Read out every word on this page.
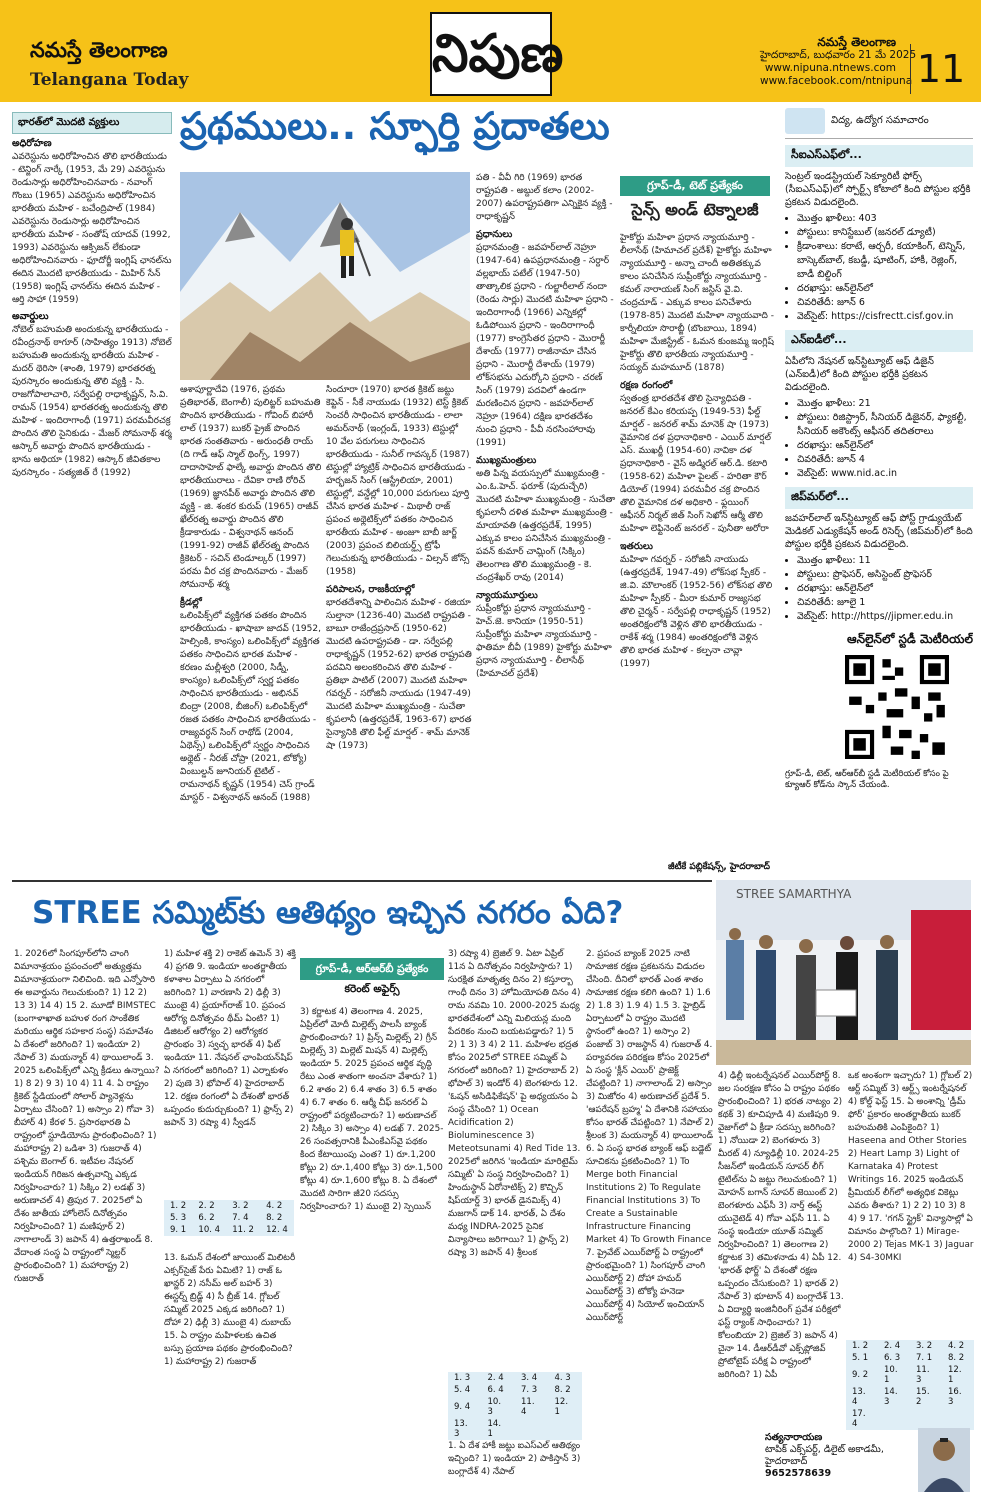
నమస్తే తెలంగాణ
Telangana Today	నిపుణ	నమస్తే తెలంగాణ
హైదరాబాద్, బుధవారం 21 మే 2025
www.nipuna.ntnews.com
www.facebook.com/ntnipuna 11
భారత్‌లో మొదటి వ్యక్తులు
అధిరోహణ
ఎవరెస్టును అధిరోహించిన తొలి భారతీయుడు - టెన్జింగ్ నార్కే (1953, మే 29) ఎవరెస్టును రెండుసార్లు అధిరోహించినవారు - నవాంగ్ గొంబు (1965) ఎవరెస్టును అధిరోహించిన భారతీయ మహిళ - బచేంద్రిపాల్ (1984) ఎవరెస్టును రెండుసార్లు అధిరోహించిన భారతీయ మహిళ - సంతోష్ యాదవ్ (1992, 1993) ఎవరెస్టును ఆక్సిజన్ లేకుండా అధిరోహించినవారు - ఫూదోర్జీ ఇంగ్లిష్ ఛానల్‌ను ఈదిన మొదటి భారతీయుడు - మిహిర్ సేన్ (1958) ఇంగ్లిష్ ఛానల్‌ను ఈదిన మహిళ - ఆర్తి సాహా (1959)
అవార్డులు
నోబెల్ బహుమతి అందుకున్న భారతీయుడు - రవీంద్రనాథ్ ఠాగూర్ (సాహిత్యం 1913) నోబెల్ బహుమతి అందుకున్న భారతీయ మహిళ - మదర్ థెరిసా (శాంతి, 1979) భారతరత్న పురస్కారం అందుకున్న తొలి వ్యక్తి - సి. రాజగోపాలాచారి, సర్వేపల్లి రాధాకృష్ణన్, సి.వి. రామన్ (1954) భారతరత్న అందుకున్న తొలి మహిళ - ఇందిరాగాంధీ (1971) పరమవీరచక్ర పొందిన తొలి సైనికుడు - మేజర్ సోమనాథ్ శర్మ ఆస్కార్ అవార్డు పొందిన భారతీయుడు - భాను అథియా (1982) ఆస్కార్ జీవితకాల పురస్కారం - సత్యజిత్ రే (1992)
ప్రథములు.. స్ఫూర్తి ప్రదాతలు
ఆశాపూర్ణాదేవి (1976, ప్రథమ ప్రతిభారత్, బెంగాలీ) పులిట్జర్ బహుమతి పొందిన భారతీయుడు - గోవింద్ బిహారీ లాల్ (1937) బుకర్ ప్రైజ్ పొందిన భారత సంతతివారు - అరుంధతీ రాయ్ (ది గాడ్ ఆఫ్ స్మాల్ థింగ్స్, 1997) దాదాసాహెబ్ ఫాల్కే అవార్డు పొందిన తొలి భారతీయురాలు - దేవికా రాణి రోరిచ్ (1969) జ్ఞానపీఠ్ అవార్డు పొందిన తొలి వ్యక్తి - జి. శంకర కురుప్ (1965) రాజీవ్ ఖేల్‌రత్న అవార్డు పొందిన తొలి క్రీడాకారుడు - విశ్వనాథన్ ఆనంద్ (1991-92) రాజీవ్ ఖేల్‌రత్న పొందిన క్రికెటర్ - సచిన్ టెండూల్కర్ (1997) పరమ వీర చక్ర పొందినవారు - మేజర్ సోమనాథ్ శర్మ
క్రీడల్లో
ఒలింపిక్స్‌లో వ్యక్తిగత పతకం పొందిన భారతీయుడు - ఖాషాబా జాదవ్ (1952, హెల్సింకి, కాంస్యం) ఒలింపిక్స్‌లో వ్యక్తిగత పతకం సాధించిన భారత మహిళ - కరణం మల్లీశ్వరి (2000, సిడ్నీ, కాంస్యం) ఒలింపిక్స్‌లో స్వర్ణ పతకం సాధించిన భారతీయుడు - అభినవ్ బింద్రా (2008, బీజింగ్) ఒలింపిక్స్‌లో రజత పతకం సాధించిన భారతీయుడు - రాజ్యవర్ధన్ సింగ్ రాథోడ్ (2004, ఏథెన్స్) ఒలింపిక్స్‌లో స్వర్ణం సాధించిన అథ్లెట్ - నీరజ్ చోప్రా (2021, టోక్యో) వింబుల్డన్ జూనియర్ టైటిల్ - రామనాథన్ కృష్ణన్ (1954) చెస్ గ్రాండ్ మాస్టర్ - విశ్వనాథన్ ఆనంద్ (1988)
సిందూరా (1970) భారత క్రికెట్ జట్టు కెప్టెన్ - సీకే నాయుడు (1932) టెస్ట్ క్రికెట్ సెంచరీ సాధించిన భారతీయుడు - లాలా అమర్‌నాథ్ (ఇంగ్లండ్, 1933) టెస్టుల్లో 10 వేల పరుగులు సాధించిన భారతీయుడు - సునీల్ గావస్కర్ (1987) టెస్టుల్లో హ్యాట్రిక్ సాధించిన భారతీయుడు - హర్భజన్ సింగ్ (ఆస్ట్రేలియా, 2001) టెస్టుల్లో, వన్డేల్లో 10,000 పరుగులు పూర్తి చేసిన భారత మహిళ - మిథాలీ రాజ్ ప్రపంచ అథ్లెటిక్స్‌లో పతకం సాధించిన భారతీయ మహిళ - అంజూ బాబీ జార్జ్ (2003) ప్రపంచ బిలియర్డ్స్ ట్రోఫీ గెలుచుకున్న భారతీయుడు - విల్సన్ జోన్స్ (1958)
పరిపాలన, రాజకీయాల్లో
భారతదేశాన్ని పాలించిన మహిళ - రజియా సుల్తానా (1236-40) మొదటి రాష్ట్రపతి - బాబూ రాజేంద్రప్రసాద్ (1950-62) మొదటి ఉపరాష్ట్రపతి - డా. సర్వేపల్లి రాధాకృష్ణన్ (1952-62) భారత రాష్ట్రపతి పదవిని అలంకరించిన తొలి మహిళ - ప్రతిభా పాటిల్ (2007) మొదటి మహిళా గవర్నర్ - సరోజినీ నాయుడు (1947-49) మొదటి మహిళా ముఖ్యమంత్రి - సుచేతా కృపలానీ (ఉత్తరప్రదేశ్, 1963-67) భారత సైన్యానికి తొలి ఫీల్డ్ మార్షల్ - శామ్ మానెక్ షా (1973)
పతి - వీవీ గిరి (1969) భారత రాష్ట్రపతి - అబ్దుల్ కలాం (2002-2007) ఉపరాష్ట్రపతిగా ఎన్నికైన వ్యక్తి - రాధాకృష్ణన్
ప్రధానులు
ప్రధానమంత్రి - జవహర్‌లాల్ నెహ్రూ (1947-64) ఉపప్రధానమంత్రి - సర్దార్ వల్లభాయ్ పటేల్ (1947-50) తాత్కాలిక ప్రధాని - గుల్జారీలాల్ నందా (రెండు సార్లు) మొదటి మహిళా ప్రధాని - ఇందిరాగాంధీ (1966) ఎన్నికల్లో ఓడిపోయిన ప్రధాని - ఇందిరాగాంధీ (1977) కాంగ్రెసేతర ప్రధాని - మొరార్జీ దేశాయ్ (1977) రాజీనామా చేసిన ప్రధాని - మొరార్జీ దేశాయ్ (1979) లోక్‌సభను ఎదుర్కోని ప్రధాని - చరణ్ సింగ్ (1979) పదవిలో ఉండగా మరణించిన ప్రధాని - జవహర్‌లాల్ నెహ్రూ (1964) దక్షిణ భారతదేశం నుంచి ప్రధాని - పీవీ నరసింహారావు (1991)
ముఖ్యమంత్రులు
అతి పిన్న వయస్సులో ముఖ్యమంత్రి - ఎం.ఓ.హెచ్. ఫరూక్ (పుదుచ్చేరి) మొదటి మహిళా ముఖ్యమంత్రి - సుచేతా కృపలానీ దళిత మహిళా ముఖ్యమంత్రి - మాయావతి (ఉత్తరప్రదేశ్, 1995) ఎక్కువ కాలం పనిచేసిన ముఖ్యమంత్రి - పవన్ కుమార్ చామ్లింగ్ (సిక్కిం) తెలంగాణ తొలి ముఖ్యమంత్రి - కె. చంద్రశేఖర్ రావు (2014)
న్యాయమూర్తులు
సుప్రీంకోర్టు ప్రధాన న్యాయమూర్తి - హెచ్.జె. కానియా (1950-51) సుప్రీంకోర్టు మహిళా న్యాయమూర్తి - ఫాతిమా బీవీ (1989) హైకోర్టు మహిళా ప్రధాన న్యాయమూర్తి - లీలాసేథ్ (హిమాచల్ ప్రదేశ్)
గ్రూప్-డీ, టెట్ ప్రత్యేకం
సైన్స్ అండ్ టెక్నాలజీ
హైకోర్టు మహిళా ప్రధాన న్యాయమూర్తి - లీలాసేథ్ (హిమాచల్ ప్రదేశ్) హైకోర్టు మహిళా న్యాయమూర్తి - అన్నా చాందీ అతితక్కువ కాలం పనిచేసిన సుప్రీంకోర్టు న్యాయమూర్తి - కమల్ నారాయణ్ సింగ్ జస్టిస్ వై.వి. చంద్రచూడ్ - ఎక్కువ కాలం పనిచేశారు (1978-85) మొదటి మహిళా న్యాయవాది - కార్నీలియా సొరాబ్జీ (బొంబాయి, 1894) మహిళా మేజిస్ట్రేట్ - ఓమన కుంజమ్మ ఇంగ్లిష్ హైకోర్టు తొలి భారతీయ న్యాయమూర్తి - సయ్యద్ మహమూద్ (1878)
రక్షణ రంగంలో
స్వతంత్ర భారతదేశ తొలి సైన్యాధిపతి - జనరల్ కేఎం కరియప్ప (1949-53) ఫీల్డ్ మార్షల్ - జనరల్ శామ్ మానెక్ షా (1973) వైమానిక దళ ప్రధానాధికారి - ఎయిర్ మార్షల్ ఎస్. ముఖర్జీ (1954-60) నావికా దళ ప్రధానాధికారి - వైస్ అడ్మిరల్ ఆర్.డి. కటారి (1958-62) మహిళా పైలట్ - హరితా కౌర్ డియోల్ (1994) పరమవీర చక్ర పొందిన తొలి వైమానిక దళ అధికారి - ఫ్లయింగ్ ఆఫీసర్ నిర్మల్ జిత్ సింగ్ సెఖోన్ ఆర్మీ తొలి మహిళా లెఫ్టినెంట్ జనరల్ - పునీతా అరోరా
ఇతరులు
మహిళా గవర్నర్ - సరోజినీ నాయుడు (ఉత్తరప్రదేశ్, 1947-49) లోక్‌సభ స్పీకర్ - జి.వి. మౌలాంకర్ (1952-56) లోక్‌సభ తొలి మహిళా స్పీకర్ - మీరా కుమార్ రాజ్యసభ తొలి చైర్మన్ - సర్వేపల్లి రాధాకృష్ణన్ (1952) అంతరిక్షంలోకి వెళ్లిన తొలి భారతీయుడు - రాకేశ్ శర్మ (1984) అంతరిక్షంలోకి వెళ్లిన తొలి భారత మహిళ - కల్పనా చావ్లా (1997)
జీటీకే పబ్లికేషన్స్, హైదరాబాద్
విద్య, ఉద్యోగ సమాచారం
సీఐఎస్ఎఫ్‌లో...
సెంట్రల్ ఇండస్ట్రియల్ సెక్యూరిటీ ఫోర్స్ (సీఐఎస్ఎఫ్)లో స్పోర్ట్స్ కోటాలో కింది పోస్టుల భర్తీకి ప్రకటన విడుదలైంది.
• మొత్తం ఖాళీలు: 403
• పోస్టులు: కానిస్టేబుల్ (జనరల్ డ్యూటీ)
• క్రీడాంశాలు: కరాటే, ఆర్చరీ, కయాకింగ్, టెన్నిస్, బాస్కెట్‌బాల్, కబడ్డీ, షూటింగ్, హాకీ, రెజ్లింగ్, బాడీ బిల్డింగ్
• దరఖాస్తు: ఆన్‌లైన్‌లో
• చివరితేదీ: జూన్ 6
• వెబ్‌సైట్: https://cisfrectt.cisf.gov.in
ఎన్ఐడీలో...
ఏపీలోని నేషనల్ ఇన్‌స్టిట్యూట్ ఆఫ్ డిజైన్ (ఎన్ఐడీ)లో కింది పోస్టుల భర్తీకి ప్రకటన విడుదలైంది.
• మొత్తం ఖాళీలు: 21
• పోస్టులు: రిజిస్ట్రార్, సీనియర్ డిజైనర్, ఫ్యాకల్టీ, సీనియర్ అకౌంట్స్ ఆఫీసర్ తదితరాలు
• దరఖాస్తు: ఆన్‌లైన్‌లో
• చివరితేదీ: జూన్ 4
• వెబ్‌సైట్: www.nid.ac.in
జిప్‌మర్‌లో...
జవహర్‌లాల్ ఇన్‌స్టిట్యూట్ ఆఫ్ పోస్ట్ గ్రాడ్యుయేట్ మెడికల్ ఎడ్యుకేషన్ అండ్ రిసెర్చ్ (జిప్‌మర్)లో కింది పోస్టుల భర్తీకి ప్రకటన విడుదలైంది.
• మొత్తం ఖాళీలు: 11
• పోస్టులు: ప్రొఫెసర్, అసిస్టెంట్ ప్రొఫెసర్
• దరఖాస్తు: ఆన్‌లైన్‌లో
• చివరితేదీ: జూలై 1
• వెబ్‌సైట్: http://https//jipmer.edu.in
ఆన్‌లైన్‌లో స్టడీ మెటీరియల్
గ్రూప్-డీ, టెట్, ఆర్ఆర్‌బీ స్టడీ మెటీరియల్ కోసం పై క్యూఆర్ కోడ్‌ను స్కాన్ చేయండి.
STREE సమ్మిట్‌కు ఆతిథ్యం ఇచ్చిన నగరం ఏది?
STREE SAMARTHYA
1. 2026లో సింగపూర్‌లోని చాంగి విమానాశ్రయం ప్రపంచంలో అత్యుత్తమ విమానాశ్రయంగా నిలిచింది. ఇది ఎన్నోసారి ఈ అవార్డును గెలుచుకుంది? 1) 12 2) 13 3) 14 4) 15 2. మూడో BIMSTEC (బంగాళాఖాత బహుళ రంగ సాంకేతిక మరియు ఆర్థిక సహకార సంస్థ) సమావేశం ఏ దేశంలో జరిగింది? 1) ఇండియా 2) నేపాల్ 3) మయన్మార్ 4) థాయిలాండ్ 3. 2025 ఒలింపిక్స్‌లో ఎన్ని క్రీడలు ఉన్నాయి? 1) 8 2) 9 3) 10 4) 11 4. ఏ రాష్ట్రం క్రికెట్ స్టేడియంలో సోలార్ ప్యానెళ్లను ఏర్పాటు చేసింది? 1) అస్సాం 2) గోవా 3) బీహార్ 4) కేరళ 5. ప్రసారభారతి ఏ రాష్ట్రంలో స్టూడియోను ప్రారంభించింది? 1) మహారాష్ట్ర 2) ఒడిశా 3) గుజరాత్ 4) పశ్చిమ బెంగాల్ 6. ఇటీవల నేషనల్ ఇండియన్ గిరిజన ఉత్సవాన్ని ఎక్కడ నిర్వహించారు? 1) సిక్కిం 2) లడఖ్ 3) అరుణాచల్ 4) త్రిపుర 7. 2025లో ఏ దేశం జాతీయ హోంలెస్ దినోత్సవం నిర్వహించింది? 1) మణిపూర్ 2) నాగాలాండ్ 3) జపాన్ 4) ఉత్తరాఖండ్ 8. వేదాంత సంస్థ ఏ రాష్ట్రంలో స్మెల్టర్ ప్రారంభించింది? 1) మహారాష్ట్ర 2) గుజరాత్
1) మహిళ శక్తి 2) రాకెట్ ఉమెన్ 3) శక్తి 4) ప్రగతి 9. ఇండియా అంతర్జాతీయ కళాశాల ఏర్పాటు ఏ నగరంలో జరిగింది? 1) వారణాసి 2) ఢిల్లీ 3) ముంబై 4) ప్రయాగ్‌రాజ్ 10. ప్రపంచ ఆరోగ్య దినోత్సవం థీమ్ ఏంటి? 1) డిజిటల్ ఆరోగ్యం 2) ఆరోగ్యకర ప్రారంభం 3) స్వచ్ఛ భారత్ 4) ఫిట్ ఇండియా 11. నేషనల్ ఛాంపియన్‌షిప్ ఏ నగరంలో జరిగింది? 1) ఎర్నాకుళం 2) పుణె 3) భోపాల్ 4) హైదరాబాద్ 12. రక్షణ రంగంలో ఏ దేశంతో భారత్ ఒప్పందం కుదుర్చుకుంది? 1) ఫ్రాన్స్ 2) జపాన్ 3) రష్యా 4) స్వీడన్
1. 2	2. 2	3. 2	4. 2
5. 3	6. 2	7. 4	8. 2
9. 1	10. 4	11. 2	12. 4
13. ఓమన్ దేశంలో జాయింట్ మిలిటరీ ఎక్సర్‌సైజ్ పేరు ఏమిటి? 1) రాజ్ ఓ ఖాన్జర్ 2) నసీమ్ అల్ బహర్ 3) ఈస్టర్న్ బ్రిడ్జ్ 4) సీ బ్రీజ్ 14. గ్లోబల్ సమ్మిట్ 2025 ఎక్కడ జరిగింది? 1) దోహా 2) ఢిల్లీ 3) ముంబై 4) దుబాయ్ 15. ఏ రాష్ట్రం మహిళలకు ఉచిత బస్సు ప్రయాణ పథకం ప్రారంభించింది? 1) మహారాష్ట్ర 2) గుజరాత్
గ్రూప్-డీ, ఆర్ఆర్‌బీ ప్రత్యేకం
కరెంట్ అఫైర్స్
3) కర్ణాటక 4) తెలంగాణ 4. 2025, ఏప్రిల్‌లో మోదీ మిల్లెట్స్ పాలసీ బ్యాంక్ ప్రారంభించారు? 1) ప్రిన్స్ మిల్లెట్స్ 2) గ్రీన్ మిల్లెట్స్ 3) మిల్లెట్ మిషన్ 4) మిల్లెట్స్ ఇండియా 5. 2025 ప్రపంచ ఆర్థిక వృద్ధి రేటు ఎంత శాతంగా అంచనా వేశారు? 1) 6.2 శాతం 2) 6.4 శాతం 3) 6.5 శాతం 4) 6.7 శాతం 6. ఆర్మీ చీఫ్ జనరల్ ఏ రాష్ట్రంలో పర్యటించారు? 1) అరుణాచల్ 2) సిక్కిం 3) అస్సాం 4) లడఖ్ 7. 2025-26 సంవత్సరానికి పీఎంకేఎస్‌వై పథకం కింద కేటాయింపు ఎంత? 1) రూ.1,200 కోట్లు 2) రూ.1,400 కోట్లు 3) రూ.1,500 కోట్లు 4) రూ.1,600 కోట్లు 8. ఏ దేశంలో మొదటి సారిగా జీ20 సదస్సు నిర్వహించారు? 1) ముంబై 2) స్పెయిన్
3) రష్యా 4) బ్రెజిల్ 9. ఏటా ఏప్రిల్ 11న ఏ దినోత్సవం నిర్వహిస్తారు? 1) సురక్షిత మాతృత్వ దినం 2) కస్తూర్బా గాంధీ దినం 3) హోమియోపతి దినం 4) రామ నవమి 10. 2000-2025 మధ్య భారతదేశంలో ఎన్ని మిలియన్ల మంది పేదరికం నుంచి బయటపడ్డారు? 1) 5 2) 1 3) 3 4) 2 11. మహిళల భద్రత కోసం 2025లో STREE సమ్మిట్ ఏ నగరంలో జరిగింది? 1) హైదరాబాద్ 2) భోపాల్ 3) ఇండోర్ 4) బెంగళూరు 12. 'ఓషన్ అసిడిఫికేషన్' పై అధ్యయనం ఏ సంస్థ చేసింది? 1) Ocean Acidification 2) Bioluminescence 3) Meteotsunami 4) Red Tide 13. 2025లో జరిగిన 'ఇండియా మారిటైమ్ సమ్మిట్' ఏ సంస్థ నిర్వహించింది? 1) హిందుస్థాన్ ఏరోనాటిక్స్ 2) కొచ్చిన్ షిప్‌యార్డ్ 3) భారత్ డైనమిక్స్ 4) మజగాన్ డాక్ 14. భారత్, ఏ దేశం మధ్య INDRA-2025 సైనిక విన్యాసాలు జరిగాయి? 1) ఫ్రాన్స్ 2) రష్యా 3) జపాన్ 4) శ్రీలంక
1. 3	2. 4	3. 4	4. 3
5. 4	6. 4	7. 3	8. 2
9. 4	10. 3	11. 4	12. 1
13. 3	14. 1		
1. ఏ దేశ హాకీ జట్టు ఐఎస్‌ఎల్ ఆతిథ్యం ఇచ్చింది? 1) ఇండియా 2) పాకిస్తాన్ 3) బంగ్లాదేశ్ 4) నేపాల్
2. ప్రపంచ బ్యాంక్ 2025 నాటి సామాజిక రక్షణ ప్రకటనను విడుదల చేసింది. దీనిలో భారత్ ఎంత శాతం సామాజిక రక్షణ కలిగి ఉంది? 1) 1.6 2) 1.8 3) 1.9 4) 1.5 3. హైబ్రిడ్ ఏర్పాటులో ఏ రాష్ట్రం మొదటి స్థానంలో ఉంది? 1) అస్సాం 2) పంజాబ్ 3) రాజస్థాన్ 4) గుజరాత్ 4. పర్యావరణ పరిరక్షణ కోసం 2025లో ఏ సంస్థ 'క్లీన్ ఎయిర్' ప్రాజెక్ట్ చేపట్టింది? 1) నాగాలాండ్ 2) అస్సాం 3) మిజోరం 4) అరుణాచల్ ప్రదేశ్ 5. 'ఆపరేషన్ బ్రహ్మ' ఏ దేశానికి సహాయం కోసం భారత్ చేపట్టింది? 1) నేపాల్ 2) శ్రీలంక 3) మయన్మార్ 4) థాయిలాండ్ 6. ఏ సంస్థ భారత బ్యాంక్ ఆఫ్ బడ్జెట్ సూచికను ప్రకటించింది? 1) To Merge both Financial Institutions 2) To Regulate Financial Institutions 3) To Create a Sustainable Infrastructure Financing Market 4) To Growth Finance 7. ప్రైవేట్ ఎయిర్‌పోర్ట్ ఏ రాష్ట్రంలో ప్రారంభమైంది? 1) సింగపూర్ చాంగి ఎయిర్‌పోర్ట్ 2) దోహా హమద్ ఎయిర్‌పోర్ట్ 3) టోక్యో హనెడా ఎయిర్‌పోర్ట్ 4) సియోల్ ఇంచియాన్ ఎయిర్‌పోర్ట్
4) ఢిల్లీ ఇంటర్నేషనల్ ఎయిర్‌పోర్ట్ 8. జల సంరక్షణ కోసం ఏ రాష్ట్రం పథకం ప్రారంభించింది? 1) భరత నాట్యం 2) కథక్ 3) కూచిపూడి 4) మణిపురి 9. వైజాగ్‌లో ఏ క్రీడా సదస్సు జరిగింది? 1) నోయిడా 2) బెంగళూరు 3) మీరట్ 4) న్యూఢిల్లీ 10. 2024-25 సీజన్‌లో ఇండియన్ సూపర్ లీగ్ టైటిల్‌ను ఏ జట్టు గెలుచుకుంది? 1) మోహన్ బగాన్ సూపర్ జెయింట్ 2) బెంగళూరు ఎఫ్‌సీ 3) నార్త్ ఈస్ట్ యునైటెడ్ 4) గోవా ఎఫ్‌సీ 11. ఏ సంస్థ ఇండియా యూత్ సమ్మిట్ నిర్వహించింది? 1) తెలంగాణ 2) కర్ణాటక 3) తమిళనాడు 4) ఏపీ 12. 'భారత్ ఫోర్జ్' ఏ దేశంతో రక్షణ ఒప్పందం చేసుకుంది? 1) భారత్ 2) నేపాల్ 3) భూటాన్ 4) బంగ్లాదేశ్ 13. ఏ విద్యార్థి ఇంజినీరింగ్ ప్రవేశ పరీక్షలో ఫస్ట్ ర్యాంక్ సాధించారు? 1) కోలంబియా 2) బ్రెజిల్ 3) జపాన్ 4) చైనా 14. డీఆర్‌డీవో ఎక్స్‌ప్లోజివ్ ప్రోటోటైప్ పరీక్ష ఏ రాష్ట్రంలో జరిగింది? 1) ఏపీ
ఒక అంశంగా ఇచ్చారు? 1) గ్లోబల్ 2) ఆర్ట్ సమ్మిట్ 3) ఆర్ట్స్ ఇంటర్నేషనల్ 4) కోల్డ్ ఫెస్ట్ 15. ఏ అంశాన్ని 'డ్రీమ్ ఫోర్' ప్రకారం అంతర్జాతీయ బుకర్ బహుమతికి ఎంపికైంది? 1) Haseena and Other Stories 2) Heart Lamp 3) Light of Karnataka 4) Protest Writings 16. 2025 ఇండియన్ ప్రీమియర్ లీగ్‌లో అత్యధిక వికెట్లు ఎవరు తీశారు? 1) 2 2) 10 3) 8 4) 9 17. 'గగన్ స్ట్రైక్' విన్యాసాల్లో ఏ విమానం పాల్గొంది? 1) Mirage-2000 2) Tejas MK-1 3) Jaguar 4) S4-30MKI
1. 2	2. 4	3. 2	4. 2
5. 1	6. 3	7. 1	8. 2
9. 2	10. 1	11. 3	12. 1
13. 4	14. 3	15. 2	16. 3
17. 4			
సత్యనారాయణ
టాపిక్ ఎక్స్‌పర్ట్, డిలైట్ అకాడమీ, హైదరాబాద్
9652578639
